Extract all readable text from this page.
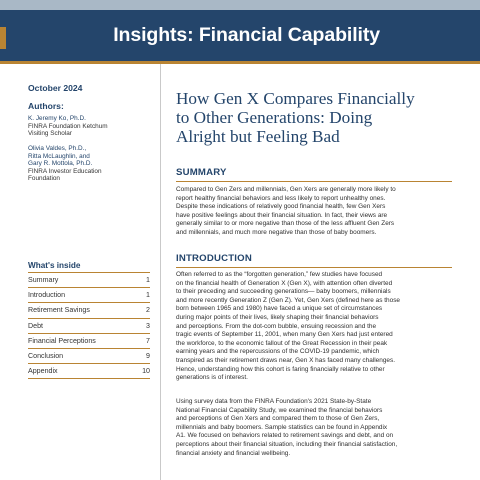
Insights: Financial Capability
October 2024
Authors:
K. Jeremy Ko, Ph.D.
FINRA Foundation Ketchum
Visiting Scholar
Olivia Valdes, Ph.D.,
Ritta McLaughlin, and
Gary R. Mottola, Ph.D.
FINRA Investor Education
Foundation
What's inside
Summary	1
Introduction	1
Retirement Savings	2
Debt	3
Financial Perceptions	7
Conclusion	9
Appendix	10
How Gen X Compares Financially
to Other Generations: Doing
Alright but Feeling Bad
SUMMARY
Compared to Gen Zers and millennials, Gen Xers are generally more likely to
report healthy financial behaviors and less likely to report unhealthy ones.
Despite these indications of relatively good financial health, few Gen Xers
have positive feelings about their financial situation. In fact, their views are
generally similar to or more negative than those of the less affluent Gen Zers
and millennials, and much more negative than those of baby boomers.
INTRODUCTION
Often referred to as the “forgotten generation,” few studies have focused
on the financial health of Generation X (Gen X), with attention often diverted
to their preceding and succeeding generations— baby boomers, millennials
and more recently Generation Z (Gen Z). Yet, Gen Xers (defined here as those
born between 1965 and 1980) have faced a unique set of circumstances
during major points of their lives, likely shaping their financial behaviors
and perceptions. From the dot-com bubble, ensuing recession and the
tragic events of September 11, 2001, when many Gen Xers had just entered
the workforce, to the economic fallout of the Great Recession in their peak
earning years and the repercussions of the COVID-19 pandemic, which
transpired as their retirement draws near, Gen X has faced many challenges.
Hence, understanding how this cohort is faring financially relative to other
generations is of interest.
Using survey data from the FINRA Foundation's 2021 State-by-State
National Financial Capability Study, we examined the financial behaviors
and perceptions of Gen Xers and compared them to those of Gen Zers,
millennials and baby boomers. Sample statistics can be found in Appendix
A1. We focused on behaviors related to retirement savings and debt, and on
perceptions about their financial situation, including their financial satisfaction,
financial anxiety and financial wellbeing.
